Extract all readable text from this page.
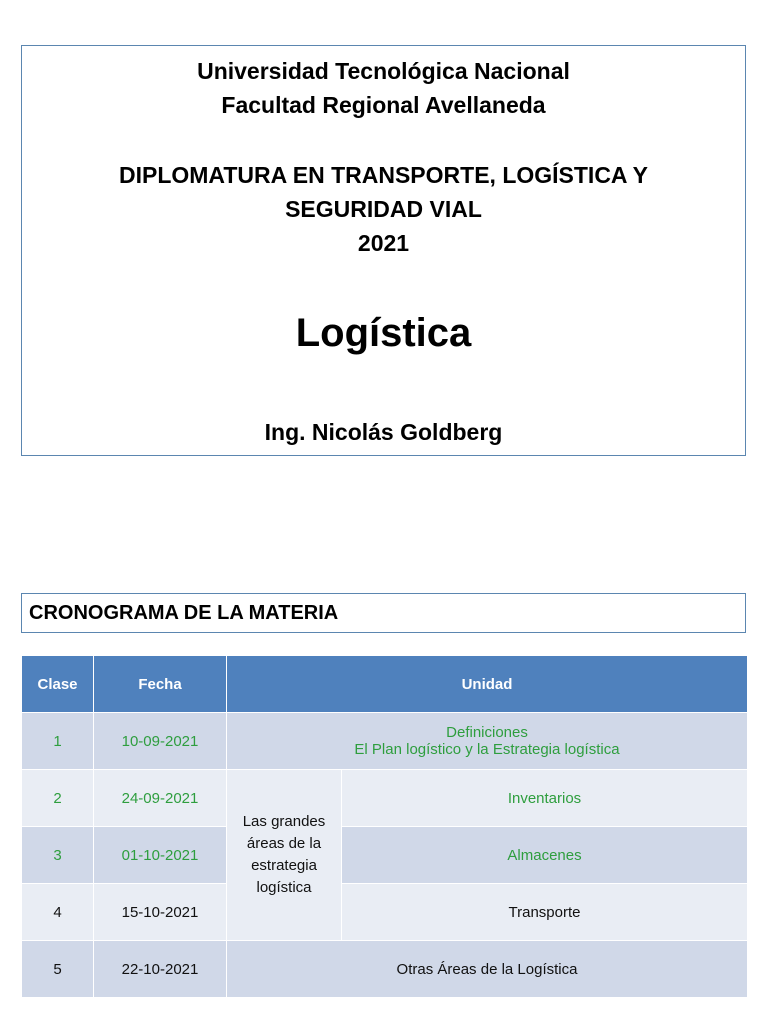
Universidad Tecnológica Nacional
Facultad Regional Avellaneda
DIPLOMATURA EN TRANSPORTE, LOGÍSTICA Y
SEGURIDAD VIAL
2021
Logística
Ing. Nicolás Goldberg
CRONOGRAMA DE LA MATERIA
Clase	Fecha	Unidad	
1	10-09-2021	Definiciones
El Plan logístico y la Estrategia logística	

2	24-09-2021	Las grandes áreas de la estrategia logística	Inventarios
3	01-10-2021		Almacenes
4	15-10-2021		Transporte
5	22-10-2021	Otras Áreas de la Logística	
